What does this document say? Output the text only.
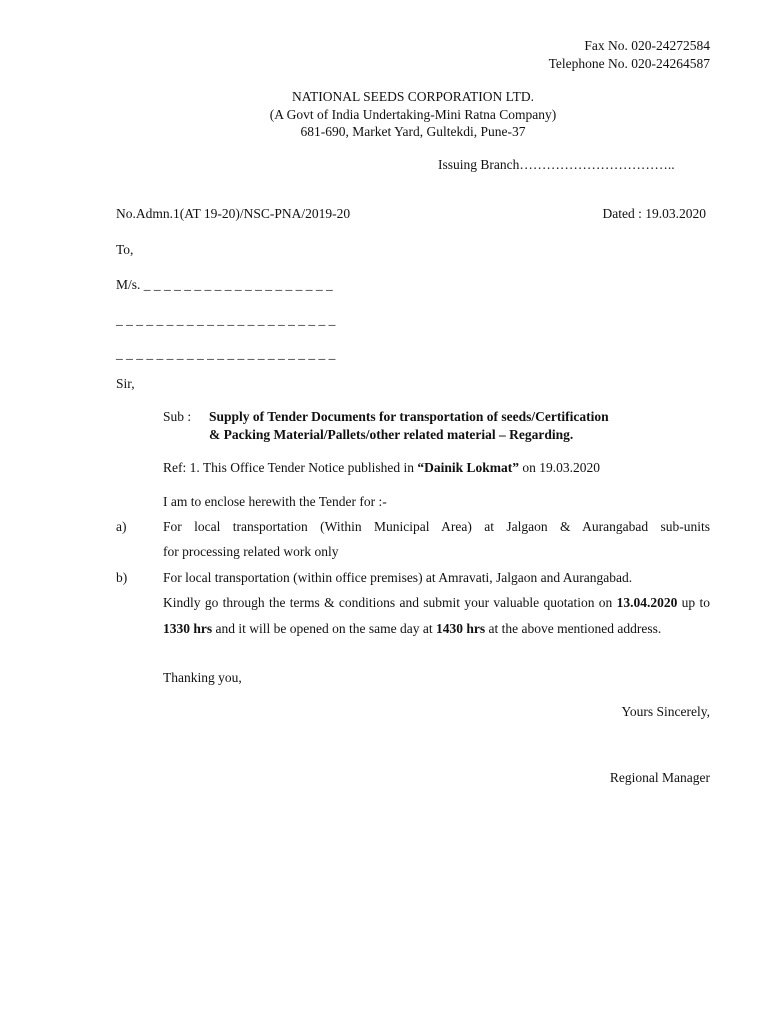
Fax No. 020-24272584
Telephone No. 020-24264587
NATIONAL SEEDS CORPORATION LTD.
(A Govt of India Undertaking-Mini Ratna Company)
681-690, Market Yard, Gultekdi, Pune-37
Issuing Branch……………………………..
No.Admn.1(AT 19-20)/NSC-PNA/2019-20	Dated : 19.03.2020
To,
M/s. _ _ _ _ _ _ _ _ _ _ _ _ _ _ _ _ _ _ _
_ _ _ _ _ _ _ _ _ _ _ _ _ _ _ _ _ _ _ _ _ _
_ _ _ _ _ _ _ _ _ _ _ _ _ _ _ _ _ _ _ _ _ _
Sir,
Sub : Supply of Tender Documents for transportation of seeds/Certification
& Packing Material/Pallets/other related material – Regarding.
Ref: 1. This Office Tender Notice published in “Dainik Lokmat” on 19.03.2020
I am to enclose herewith the Tender for :-
a)	For local transportation (Within Municipal Area) at Jalgaon & Aurangabad sub-units
for processing related work only
b)	For local transportation (within office premises) at Amravati, Jalgaon and Aurangabad.
Kindly go through the terms & conditions and submit your valuable quotation on 13.04.2020 up to 1330 hrs and it will be opened on the same day at 1430 hrs at the above mentioned address.
Thanking you,
Yours Sincerely,
Regional Manager
